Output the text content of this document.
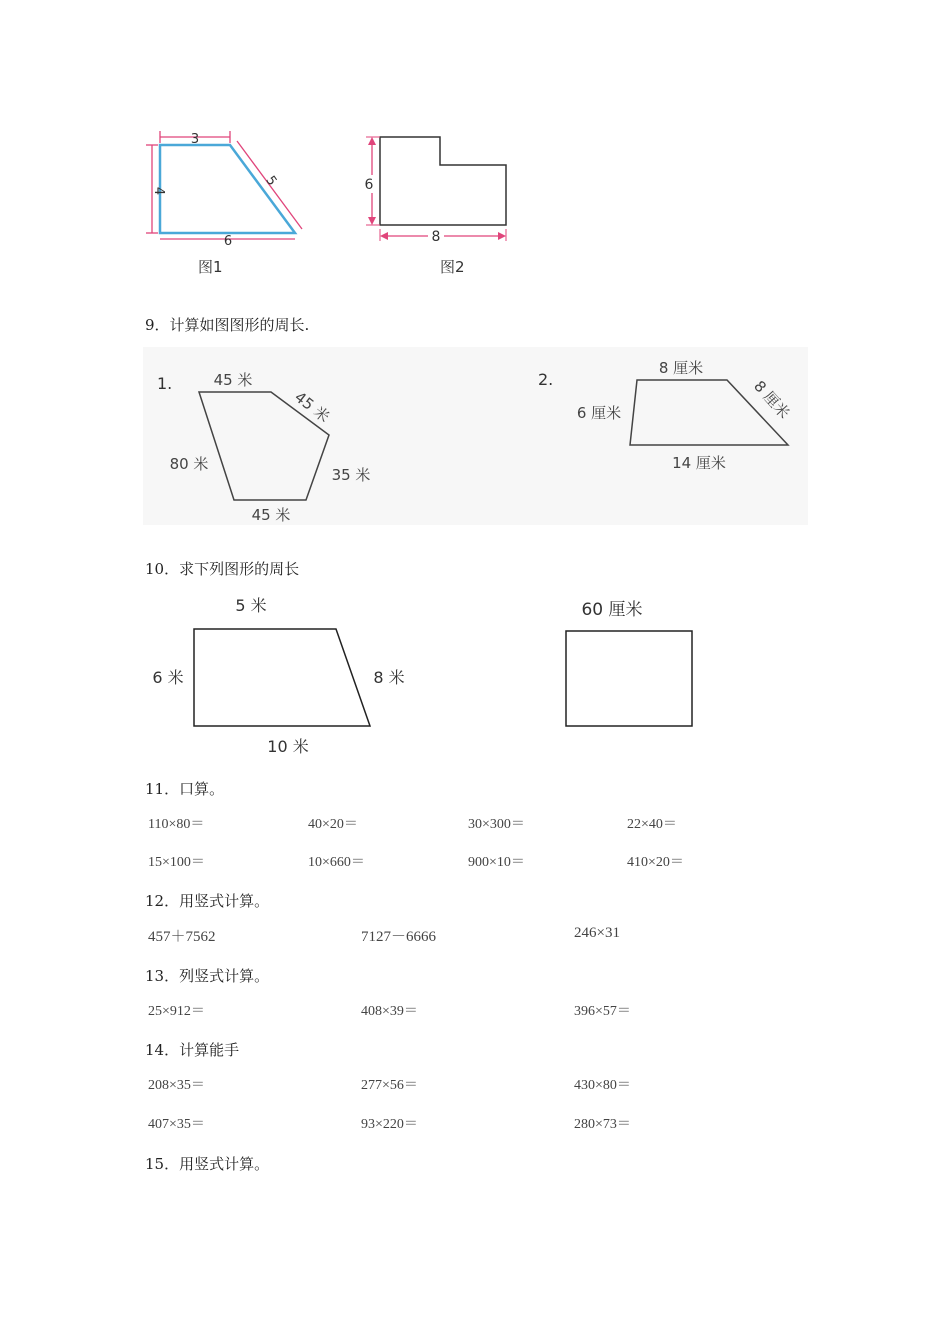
3
4
5
6
6
8
图1	图2
9．计算如图图形的周长.
1.	45 米
45 米
80 米
35 米
45 米
2.
8 厘米
6 厘米	8 厘米
14 厘米
10．求下列图形的周长
5 米
6 米	8 米
10 米
60 厘米
11．口算。
110×80＝	40×20＝	30×300＝	22×40＝
15×100＝	10×660＝	900×10＝	410×20＝
12．用竖式计算。
457＋7562	7127－6666	246×31
13．列竖式计算。
25×912＝	408×39＝	396×57＝
14．计算能手
208×35＝	277×56＝	430×80＝
407×35＝	93×220＝	280×73＝
15．用竖式计算。
